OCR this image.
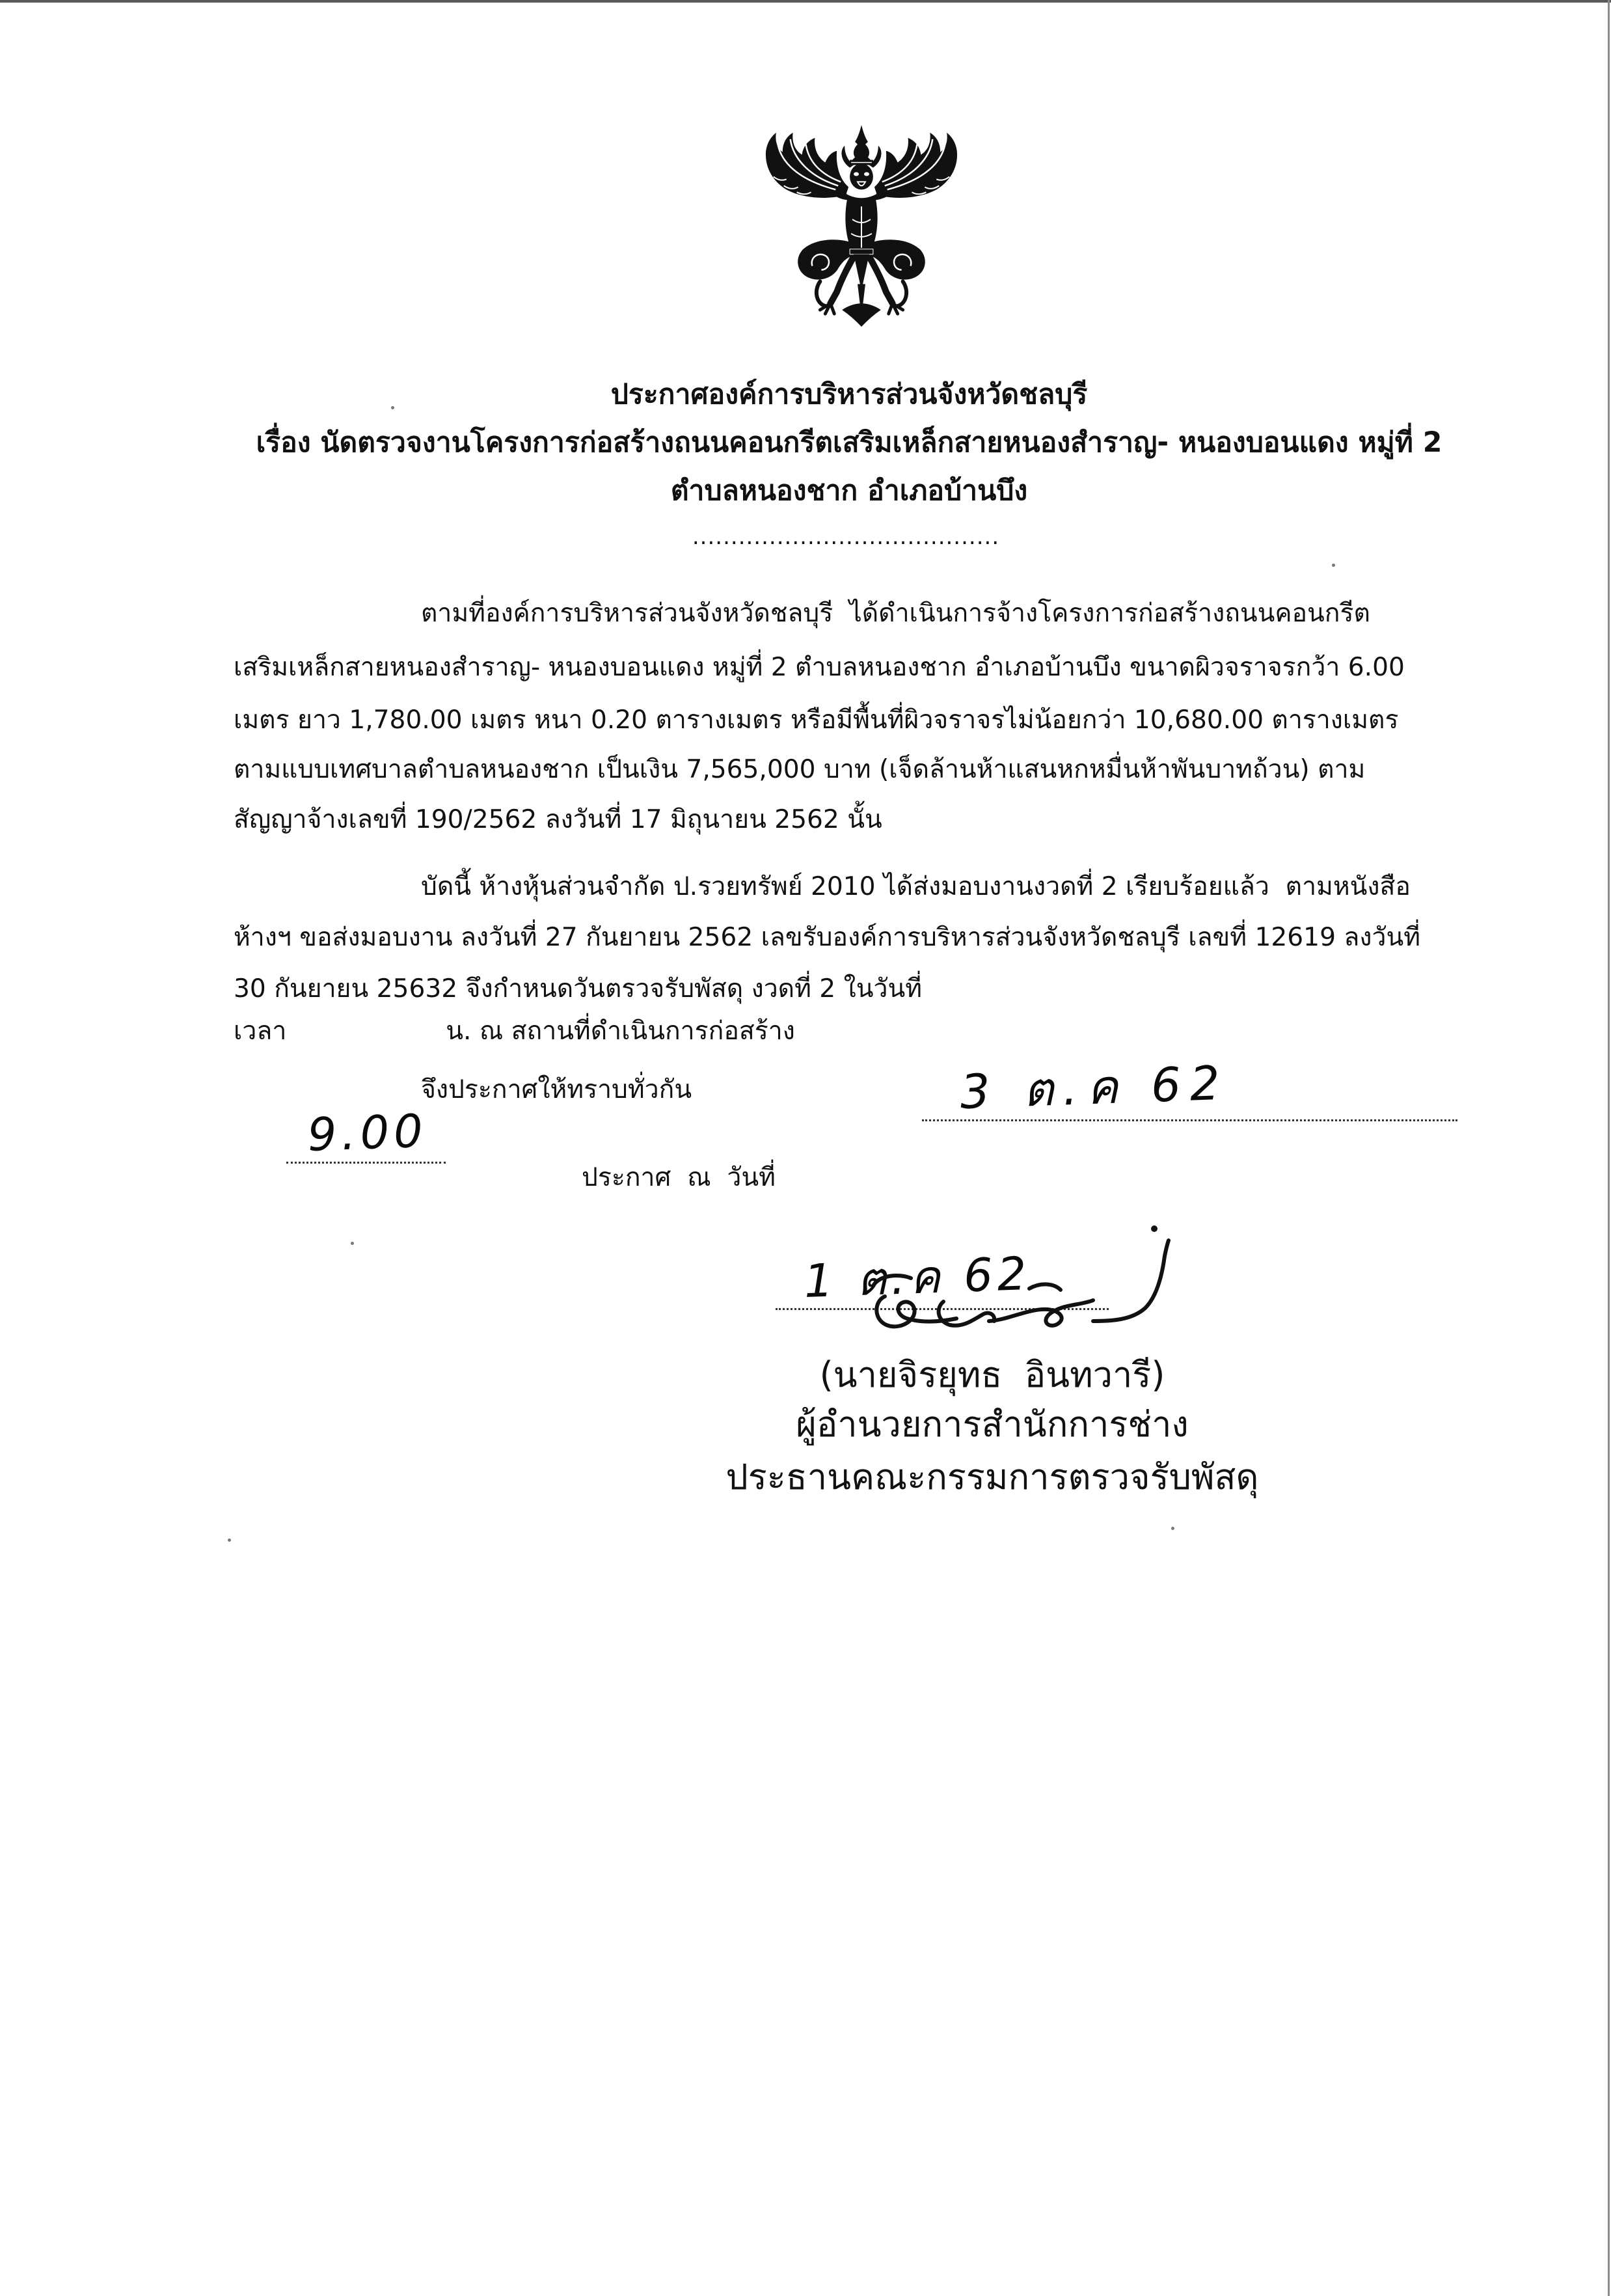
ประกาศองค์การบริหารส่วนจังหวัดชลบุรี
เรื่อง นัดตรวจงานโครงการก่อสร้างถนนคอนกรีตเสริมเหล็กสายหนองสำราญ- หนองบอนแดง หมู่ที่ 2
ตำบลหนองชาก อำเภอบ้านบึง
........................................
ตามที่องค์การบริหารส่วนจังหวัดชลบุรี  ได้ดำเนินการจ้างโครงการก่อสร้างถนนคอนกรีต
เสริมเหล็กสายหนองสำราญ- หนองบอนแดง หมู่ที่ 2 ตำบลหนองชาก อำเภอบ้านบึง ขนาดผิวจราจรกว้า 6.00
เมตร ยาว 1,780.00 เมตร หนา 0.20 ตารางเมตร หรือมีพื้นที่ผิวจราจรไม่น้อยกว่า 10,680.00 ตารางเมตร
ตามแบบเทศบาลตำบลหนองชาก เป็นเงิน 7,565,000 บาท (เจ็ดล้านห้าแสนหกหมื่นห้าพันบาทถ้วน) ตาม
สัญญาจ้างเลขที่ 190/2562 ลงวันที่ 17 มิถุนายน 2562 นั้น
บัดนี้ ห้างหุ้นส่วนจำกัด ป.รวยทรัพย์ 2010 ได้ส่งมอบงานงวดที่ 2 เรียบร้อยแล้ว  ตามหนังสือ
ห้างฯ ขอส่งมอบงาน ลงวันที่ 27 กันยายน 2562 เลขรับองค์การบริหารส่วนจังหวัดชลบุรี เลขที่ 12619 ลงวันที่
30 กันยายน 25632 จึงกำหนดวันตรวจรับพัสดุ งวดที่ 2 ในวันที่

3 ต.ค 62

เวลา

9.00

น. ณ สถานที่ดำเนินการก่อสร้าง
จึงประกาศให้ทราบทั่วกัน
ประกาศ  ณ  วันที่

1 ต.ค 62

(นายจิรยุทธ  อินทวารี)
ผู้อำนวยการสำนักการช่าง
ประธานคณะกรรมการตรวจรับพัสดุ
